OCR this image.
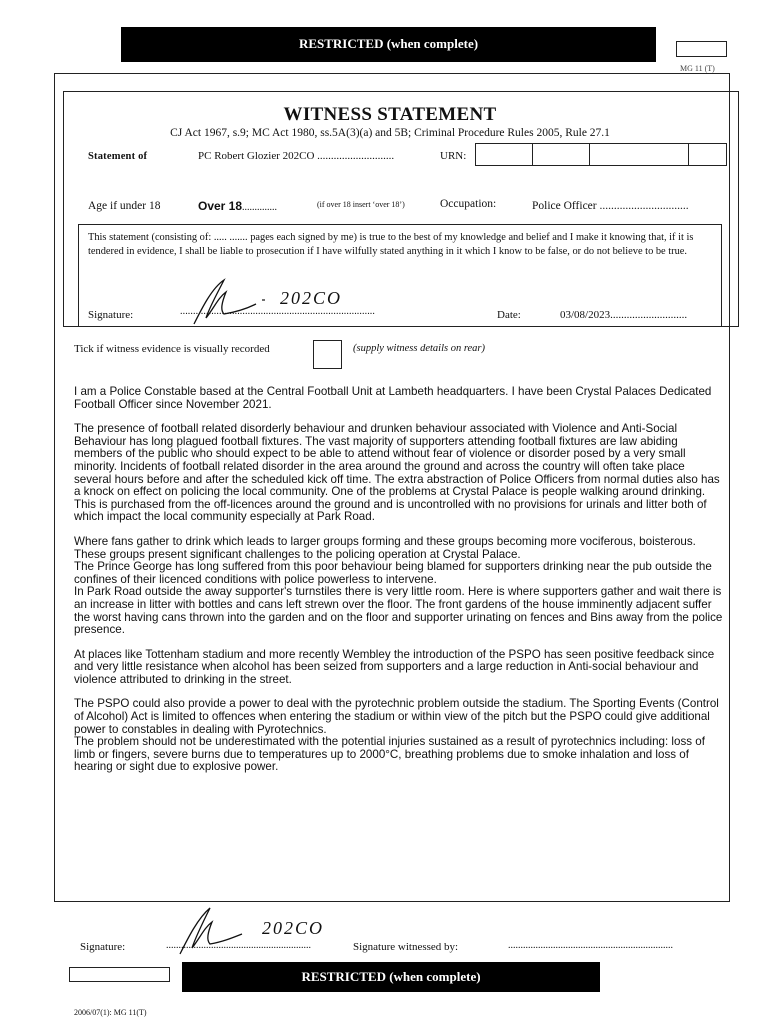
RESTRICTED (when complete)
MG 11 (T)
WITNESS STATEMENT
CJ Act 1967, s.9; MC Act 1980, ss.5A(3)(a) and 5B; Criminal Procedure Rules 2005, Rule 27.1
Statement of	PC Robert Glozier 202CO ............................	URN:
Age if under 18	Over 18..............	(if over 18 insert ‘over 18’)	Occupation:	Police Officer ...............................
This statement (consisting of: ..... ....... pages each signed by me) is true to the best of my knowledge and belief and I make it knowing that, if it is tendered in evidence, I shall be liable to prosecution if I have wilfully stated anything in it which I know to be false, or do not believe to be true.
Signature:	...........................................................................
202CO
Date:	03/08/2023............................
Tick if witness evidence is visually recorded	(supply witness details on rear)

I am a Police Constable based at the Central Football Unit at Lambeth headquarters. I have been Crystal Palaces Dedicated Football Officer since November 2021.

The presence of football related disorderly behaviour and drunken behaviour associated with Violence and Anti-Social Behaviour has long plagued football fixtures. The vast majority of supporters attending football fixtures are law abiding members of the public who should expect to be able to attend without fear of violence or disorder posed by a very small minority. Incidents of football related disorder in the area around the ground and across the country will often take place several hours before and after the scheduled kick off time. The extra abstraction of Police Officers from normal duties also has a knock on effect on policing the local community. One of the problems at Crystal Palace is people walking around drinking. This is purchased from the off-licences around the ground and is uncontrolled with no provisions for urinals and litter both of which impact the local community especially at Park Road.

Where fans gather to drink which leads to larger groups forming and these groups becoming more vociferous, boisterous. These groups present significant challenges to the policing operation at Crystal Palace.
The Prince George has long suffered from this poor behaviour being blamed for supporters drinking near the pub outside the confines of their licenced conditions with police powerless to intervene.
In Park Road outside the away supporter's turnstiles there is very little room. Here is where supporters gather and wait there is an increase in litter with bottles and cans left strewn over the floor. The front gardens of the house imminently adjacent suffer the worst having cans thrown into the garden and on the floor and supporter urinating on fences and Bins away from the police presence.

At places like Tottenham stadium and more recently Wembley the introduction of the PSPO has seen positive feedback since and very little resistance when alcohol has been seized from supporters and a large reduction in Anti-social behaviour and violence attributed to drinking in the street.

The PSPO could also provide a power to deal with the pyrotechnic problem outside the stadium. The Sporting Events (Control of Alcohol) Act is limited to offences when entering the stadium or within view of the pitch but the PSPO could give additional power to constables in dealing with Pyrotechnics.
The problem should not be underestimated with the potential injuries sustained as a result of pyrotechnics including: loss of limb or fingers, severe burns due to temperatures up to 2000°C, breathing problems due to smoke inhalation and loss of hearing or sight due to explosive power.

Signature:	..........................................................
202CO
Signature witnessed by:	..................................................................
RESTRICTED (when complete)
2006/07(1): MG 11(T)
